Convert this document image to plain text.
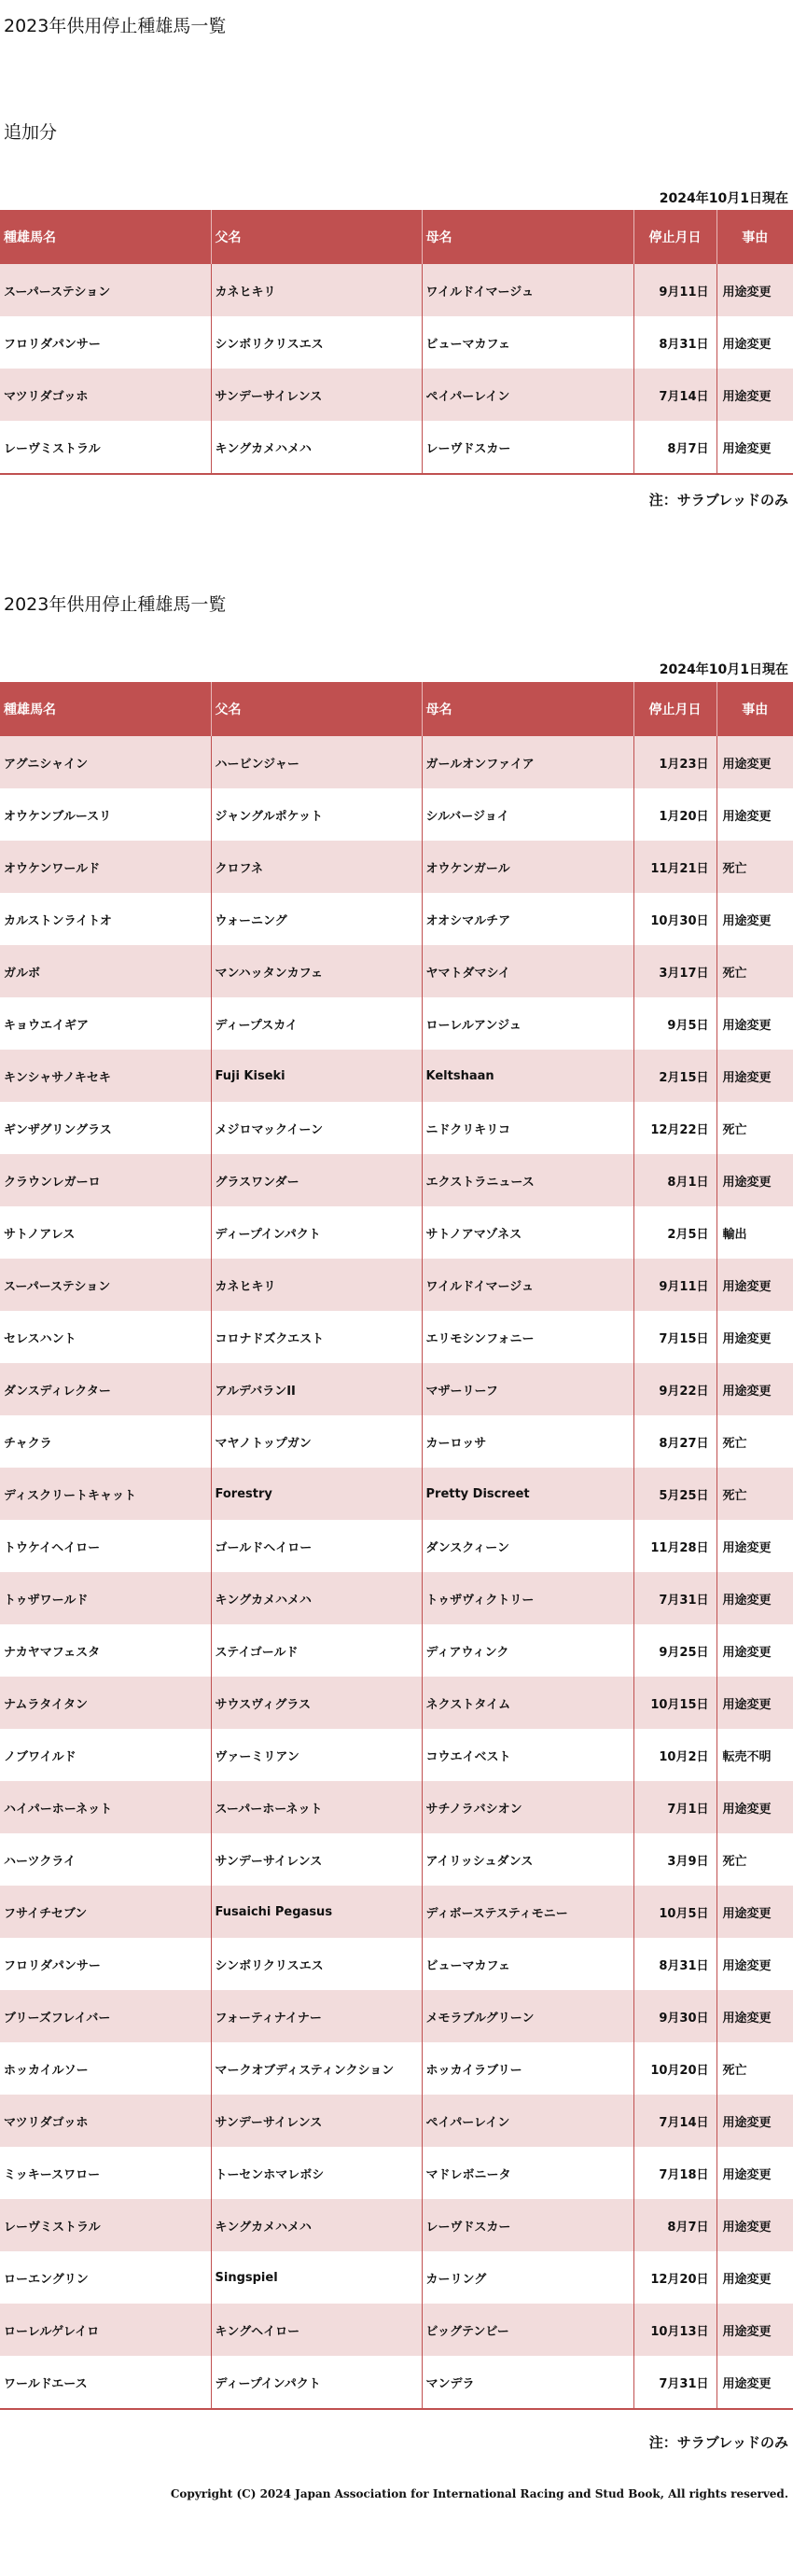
2023年供用停止種雄馬一覧
追加分
2024年10月1日現在
種雄馬名	父名	母名	停止月日	事由
スーパーステション	カネヒキリ	ワイルドイマージュ	9月11日	用途変更
フロリダパンサー	シンボリクリスエス	ビューマカフェ	8月31日	用途変更
マツリダゴッホ	サンデーサイレンス	ペイパーレイン	7月14日	用途変更
レーヴミストラル	キングカメハメハ	レーヴドスカー	8月7日	用途変更
注：サラブレッドのみ
2023年供用停止種雄馬一覧
2024年10月1日現在
種雄馬名	父名	母名	停止月日	事由
アグニシャイン	ハービンジャー	ガールオンファイア	1月23日	用途変更
オウケンブルースリ	ジャングルポケット	シルバージョイ	1月20日	用途変更
オウケンワールド	クロフネ	オウケンガール	11月21日	死亡
カルストンライトオ	ウォーニング	オオシマルチア	10月30日	用途変更
ガルボ	マンハッタンカフェ	ヤマトダマシイ	3月17日	死亡
キョウエイギア	ディープスカイ	ローレルアンジュ	9月5日	用途変更
キンシャサノキセキ	Fuji Kiseki	Keltshaan	2月15日	用途変更
ギンザグリングラス	メジロマックイーン	ニドクリキリコ	12月22日	死亡
クラウンレガーロ	グラスワンダー	エクストラニュース	8月1日	用途変更
サトノアレス	ディープインパクト	サトノアマゾネス	2月5日	輸出
スーパーステション	カネヒキリ	ワイルドイマージュ	9月11日	用途変更
セレスハント	コロナドズクエスト	エリモシンフォニー	7月15日	用途変更
ダンスディレクター	アルデバランII	マザーリーフ	9月22日	用途変更
チャクラ	マヤノトップガン	カーロッサ	8月27日	死亡
ディスクリートキャット	Forestry	Pretty Discreet	5月25日	死亡
トウケイヘイロー	ゴールドヘイロー	ダンスクィーン	11月28日	用途変更
トゥザワールド	キングカメハメハ	トゥザヴィクトリー	7月31日	用途変更
ナカヤマフェスタ	ステイゴールド	ディアウィンク	9月25日	用途変更
ナムラタイタン	サウスヴィグラス	ネクストタイム	10月15日	用途変更
ノブワイルド	ヴァーミリアン	コウエイベスト	10月2日	転売不明
ハイパーホーネット	スーパーホーネット	サチノラバシオン	7月1日	用途変更
ハーツクライ	サンデーサイレンス	アイリッシュダンス	3月9日	死亡
フサイチセブン	Fusaichi Pegasus	ディボーステスティモニー	10月5日	用途変更
フロリダパンサー	シンボリクリスエス	ビューマカフェ	8月31日	用途変更
ブリーズフレイバー	フォーティナイナー	メモラブルグリーン	9月30日	用途変更
ホッカイルソー	マークオブディスティンクション	ホッカイラブリー	10月20日	死亡
マツリダゴッホ	サンデーサイレンス	ペイパーレイン	7月14日	用途変更
ミッキースワロー	トーセンホマレボシ	マドレボニータ	7月18日	用途変更
レーヴミストラル	キングカメハメハ	レーヴドスカー	8月7日	用途変更
ローエングリン	Singspiel	カーリング	12月20日	用途変更
ローレルゲレイロ	キングヘイロー	ビッグテンビー	10月13日	用途変更
ワールドエース	ディープインパクト	マンデラ	7月31日	用途変更
注：サラブレッドのみ
Copyright (C) 2024 Japan Association for International Racing and Stud Book, All rights reserved.
